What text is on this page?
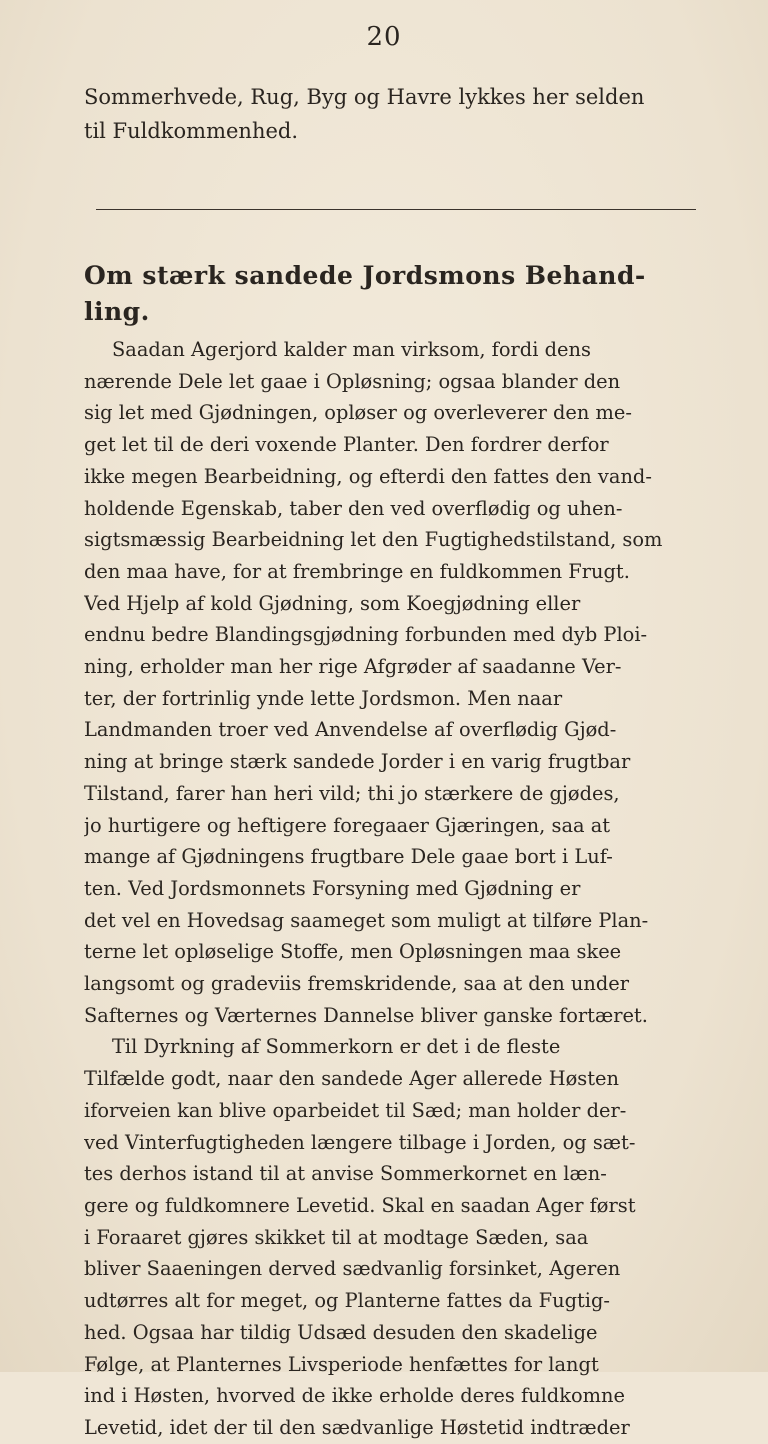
20
Sommerhvede, Rug, Byg og Havre lykkes her selden
til Fuldkommenhed.
Om stærk sandede Jordsmons Behand-
ling.
Saadan Agerjord kalder man virksom, fordi dens
nærende Dele let gaae i Opløsning; ogsaa blander den
sig let med Gjødningen, opløser og overleverer den me-
get let til de deri voxende Planter. Den fordrer derfor
ikke megen Bearbeidning, og efterdi den fattes den vand-
holdende Egenskab, taber den ved overflødig og uhen-
sigtsmæssig Bearbeidning let den Fugtighedstilstand, som
den maa have, for at frembringe en fuldkommen Frugt.
Ved Hjelp af kold Gjødning, som Koegjødning eller
endnu bedre Blandingsgjødning forbunden med dyb Ploi-
ning, erholder man her rige Afgrøder af saadanne Ver-
ter, der fortrinlig ynde lette Jordsmon. Men naar
Landmanden troer ved Anvendelse af overflødig Gjød-
ning at bringe stærk sandede Jorder i en varig frugtbar
Tilstand, farer han heri vild; thi jo stærkere de gjødes,
jo hurtigere og heftigere foregaaer Gjæringen, saa at
mange af Gjødningens frugtbare Dele gaae bort i Luf-
ten. Ved Jordsmonnets Forsyning med Gjødning er
det vel en Hovedsag saameget som muligt at tilføre Plan-
terne let opløselige Stoffe, men Opløsningen maa skee
langsomt og gradeviis fremskridende, saa at den under
Safternes og Værternes Dannelse bliver ganske fortæret.
Til Dyrkning af Sommerkorn er det i de fleste
Tilfælde godt, naar den sandede Ager allerede Høsten
iforveien kan blive oparbeidet til Sæd; man holder der-
ved Vinterfugtigheden længere tilbage i Jorden, og sæt-
tes derhos istand til at anvise Sommerkornet en læn-
gere og fuldkomnere Levetid. Skal en saadan Ager først
i Foraaret gjøres skikket til at modtage Sæden, saa
bliver Saaeningen derved sædvanlig forsinket, Ageren
udtørres alt for meget, og Planterne fattes da Fugtig-
hed. Ogsaa har tildig Udsæd desuden den skadelige
Følge, at Planternes Livsperiode henfættes for langt
ind i Høsten, hvorved de ikke erholde deres fuldkomne
Levetid, idet der til den sædvanlige Høstetid indtræder
